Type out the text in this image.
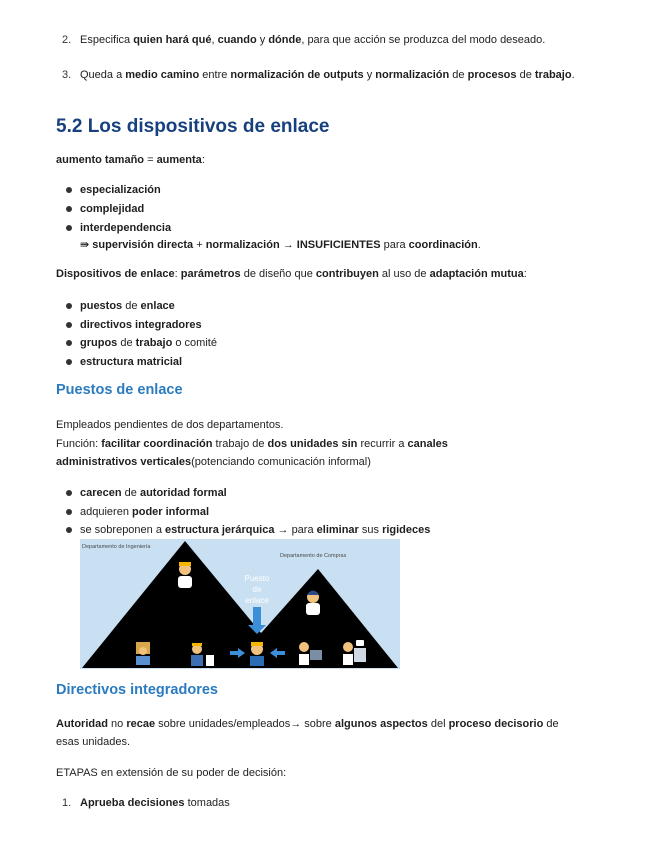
2. Especifica quien hará qué, cuando y dónde, para que acción se produzca del modo deseado.
3. Queda a medio camino entre normalización de outputs y normalización de procesos de trabajo.
5.2 Los dispositivos de enlace
aumento tamaño = aumenta:
especialización
complejidad
interdependencia
⇛ supervisión directa + normalización → INSUFICIENTES para coordinación.
Dispositivos de enlace: parámetros de diseño que contribuyen al uso de adaptación mutua:
puestos de enlace
directivos integradores
grupos de trabajo o comité
estructura matricial
Puestos de enlace
Empleados pendientes de dos departamentos.
Función: facilitar coordinación trabajo de dos unidades sin recurrir a canales administrativos verticales(potenciando comunicación informal)
carecen de autoridad formal
adquieren poder informal
se sobreponen a estructura jerárquica → para eliminar sus rigideces
Departamento de Ingeniería
Departamento de Compras
Puesto
de
enlace
Directivos integradores
Autoridad no recae sobre unidades/empleados→ sobre algunos aspectos del proceso decisorio de esas unidades.
ETAPAS en extensión de su poder de decisión:
1. Aprueba decisiones tomadas
